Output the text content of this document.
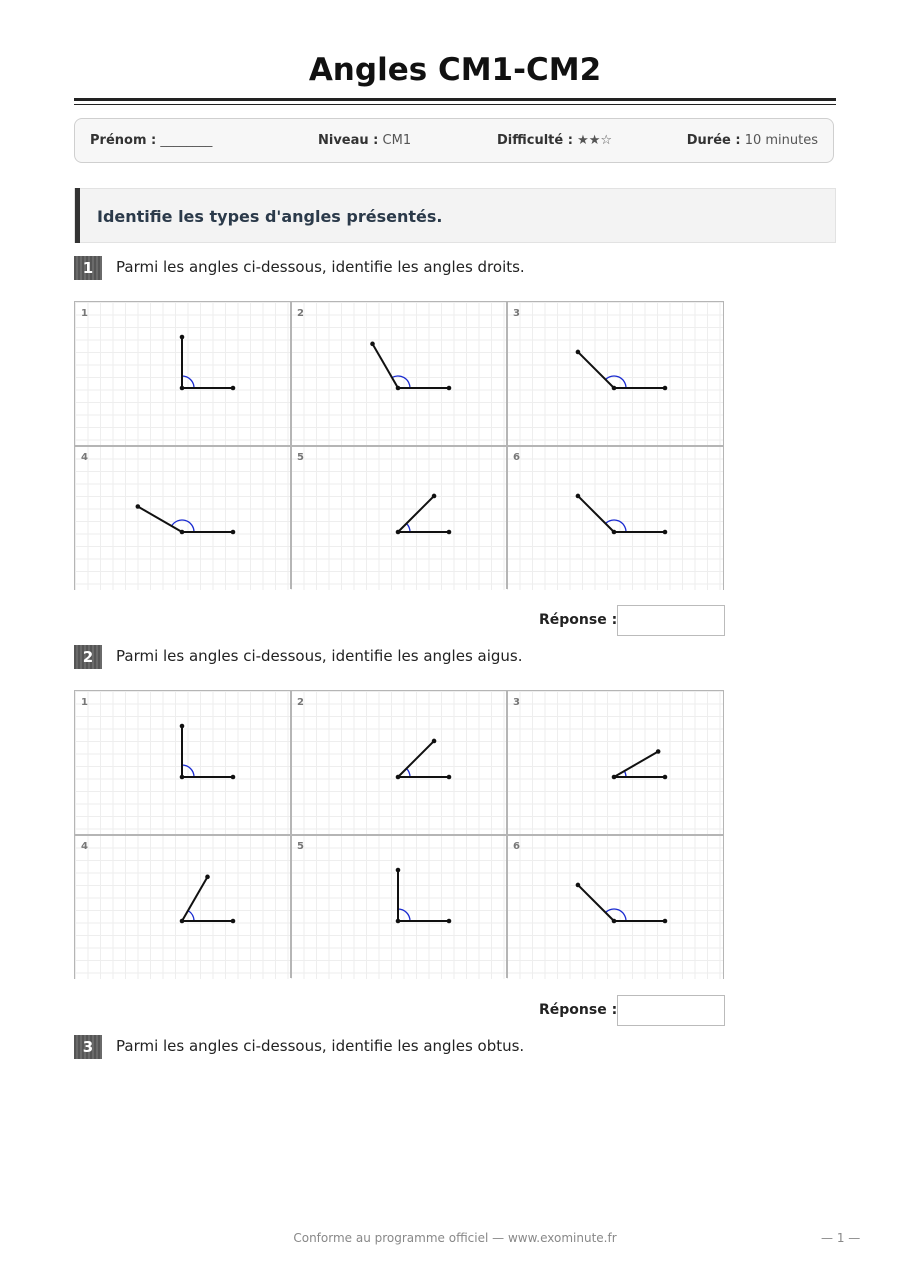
Angles CM1-CM2
Prénom : ________	Niveau : CM1	Difficulté : ★★☆	Durée : 10 minutes
Identifie les types d'angles présentés.
1	Parmi les angles ci-dessous, identifie les angles droits.
6
5
4
3
2
1
Réponse :
2	Parmi les angles ci-dessous, identifie les angles aigus.
6
5
4
3
2
1
Réponse :
3	Parmi les angles ci-dessous, identifie les angles obtus.
Conforme au programme officiel — www.exominute.fr	— 1 —
